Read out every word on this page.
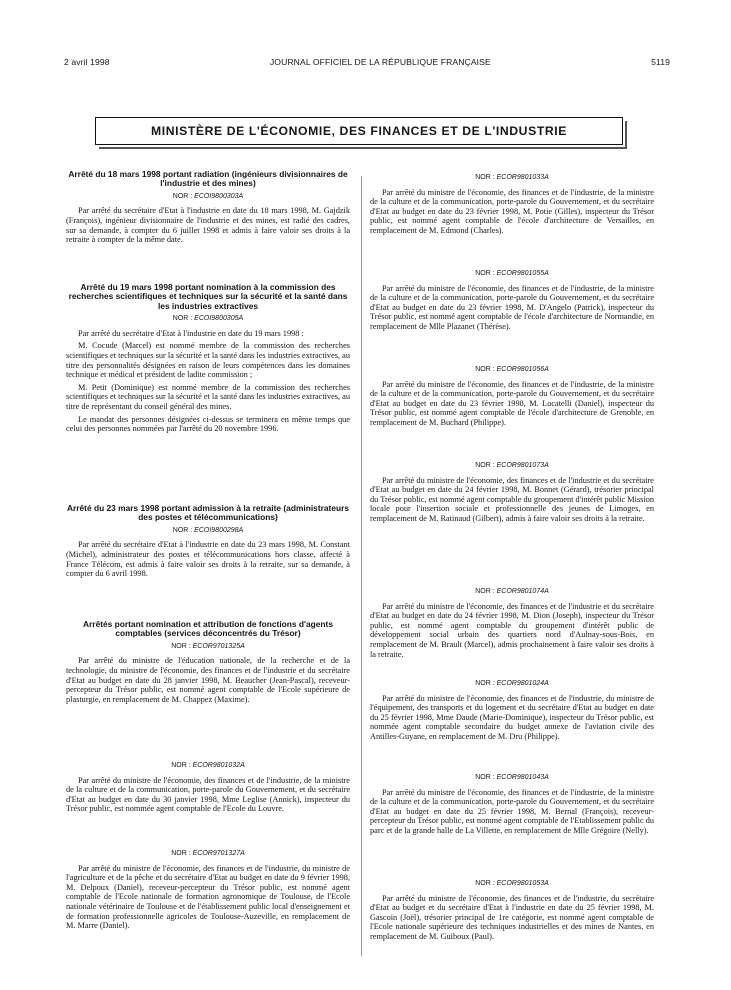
2 avril 1998	JOURNAL OFFICIEL DE LA RÉPUBLIQUE FRANÇAISE	5119
MINISTÈRE DE L'ÉCONOMIE, DES FINANCES ET DE L'INDUSTRIE

Arrêté du 18 mars 1998 portant radiation (ingénieurs divisionnaires de l'industrie et des mines)

NOR : ECOI9800303A

Par arrêté du secrétaire d'Etat à l'industrie en date du 18 mars 1998, M. Gajdzik (François), ingénieur divisionnaire de l'industrie et des mines, est radié des cadres, sur sa demande, à compter du 6 juillet 1998 et admis à faire valoir ses droits à la retraite à compter de la même date.

Arrêté du 19 mars 1998 portant nomination à la commission des recherches scientifiques et techniques sur la sécurité et la santé dans les industries extractives

NOR : ECOI9800305A

Par arrêté du secrétaire d'Etat à l'industrie en date du 19 mars 1998 :

M. Cocude (Marcel) est nommé membre de la commission des recherches scientifiques et techniques sur la sécurité et la santé dans les industries extractives, au titre des personnalités désignées en raison de leurs compétences dans les domaines technique et médical et président de ladite commission ;

M. Petit (Dominique) est nommé membre de la commission des recherches scientifiques et techniques sur la sécurité et la santé dans les industries extractives, au titre de représentant du conseil général des mines.

Le mandat des personnes désignées ci-dessus se terminera en même temps que celui des personnes nommées par l'arrêté du 20 novembre 1996.

Arrêté du 23 mars 1998 portant admission à la retraite (administrateurs des postes et télécommunications)

NOR : ECOI9800298A

Par arrêté du secrétaire d'Etat à l'industrie en date du 23 mars 1998, M. Constant (Michel), administrateur des postes et télécommunications hors classe, affecté à France Télécom, est admis à faire valoir ses droits à la retraite, sur sa demande, à compter du 6 avril 1998.

Arrêtés portant nomination et attribution de fonctions d'agents comptables (services déconcentrés du Trésor)

NOR : ECOR9701325A

Par arrêté du ministre de l'éducation nationale, de la recherche et de la technologie, du ministre de l'économie, des finances et de l'industrie et du secrétaire d'Etat au budget en date du 28 janvier 1998, M. Beaucher (Jean-Pascal), receveur-percepteur du Trésor public, est nommé agent comptable de l'Ecole supérieure de plasturgie, en remplacement de M. Chappez (Maxime).

NOR : ECOR9801032A

Par arrêté du ministre de l'économie, des finances et de l'industrie, de la ministre de la culture et de la communication, porte-parole du Gouvernement, et du secrétaire d'Etat au budget en date du 30 janvier 1998, Mme Leglise (Annick), inspecteur du Trésor public, est nommée agent comptable de l'Ecole du Louvre.

NOR : ECOR9701327A

Par arrêté du ministre de l'économie, des finances et de l'industrie, du ministre de l'agriculture et de la pêche et du secrétaire d'Etat au budget en date du 9 février 1998, M. Delpoux (Daniel), receveur-percepteur du Trésor public, est nommé agent comptable de l'Ecole nationale de formation agronomique de Toulouse, de l'Ecole nationale vétérinaire de Toulouse et de l'établissement public local d'enseignement et de formation professionnelle agricoles de Toulouse-Auzeville, en remplacement de M. Marre (Daniel).

NOR : ECOR9801033A

Par arrêté du ministre de l'économie, des finances et de l'industrie, de la ministre de la culture et de la communication, porte-parole du Gouvernement, et du secrétaire d'Etat au budget en date du 23 février 1998, M. Potie (Gilles), inspecteur du Trésor public, est nommé agent comptable de l'école d'architecture de Versailles, en remplacement de M. Edmond (Charles).

NOR : ECOR9801055A

Par arrêté du ministre de l'économie, des finances et de l'industrie, de la ministre de la culture et de la communication, porte-parole du Gouvernement, et du secrétaire d'Etat au budget en date du 23 février 1998, M. D'Angelo (Patrick), inspecteur du Trésor public, est nommé agent comptable de l'école d'architecture de Normandie, en remplacement de Mlle Plazanet (Thérèse).

NOR : ECOR9801056A

Par arrêté du ministre de l'économie, des finances et de l'industrie, de la ministre de la culture et de la communication, porte-parole du Gouvernement, et du secrétaire d'Etat au budget en date du 23 février 1998, M. Locatelli (Daniel), inspecteur du Trésor public, est nommé agent comptable de l'école d'architecture de Grenoble, en remplacement de M. Buchard (Philippe).

NOR : ECOR9801073A

Par arrêté du ministre de l'économie, des finances et de l'industrie et du secrétaire d'Etat au budget en date du 24 février 1998, M. Bonnet (Gérard), trésorier principal du Trésor public, est nommé agent comptable du groupement d'intérêt public Mission locale pour l'insertion sociale et professionnelle des jeunes de Limoges, en remplacement de M. Ratinaud (Gilbert), admis à faire valoir ses droits à la retraite.

NOR : ECOR9801074A

Par arrêté du ministre de l'économie, des finances et de l'industrie et du secrétaire d'Etat au budget en date du 24 février 1998, M. Dion (Joseph), inspecteur du Trésor public, est nommé agent comptable du groupement d'intérêt public de développement social urbain des quartiers nord d'Aulnay-sous-Bois, en remplacement de M. Brault (Marcel), admis prochainement à faire valoir ses droits à la retraite.

NOR : ECOR9801024A

Par arrêté du ministre de l'économie, des finances et de l'industrie, du ministre de l'équipement, des transports et du logement et du secrétaire d'Etat au budget en date du 25 février 1998, Mme Daude (Marie-Dominique), inspecteur du Trésor public, est nommée agent comptable secondaire du budget annexe de l'aviation civile des Antilles-Guyane, en remplacement de M. Dru (Philippe).

NOR : ECOR9801043A

Par arrêté du ministre de l'économie, des finances et de l'industrie, de la ministre de la culture et de la communication, porte-parole du Gouvernement, et du secrétaire d'Etat au budget en date du 25 février 1998, M. Bernal (François), receveur-percepteur du Trésor public, est nommé agent comptable de l'Etablissement public du parc et de la grande halle de La Villette, en remplacement de Mlle Grégoire (Nelly).

NOR : ECOR9801053A

Par arrêté du ministre de l'économie, des finances et de l'industrie, du secrétaire d'Etat au budget et du secrétaire d'Etat à l'industrie en date du 25 février 1998, M. Gascoin (Joël), trésorier principal de 1re catégorie, est nommé agent comptable de l'Ecole nationale supérieure des techniques industrielles et des mines de Nantes, en remplacement de M. Guiboux (Paul).
